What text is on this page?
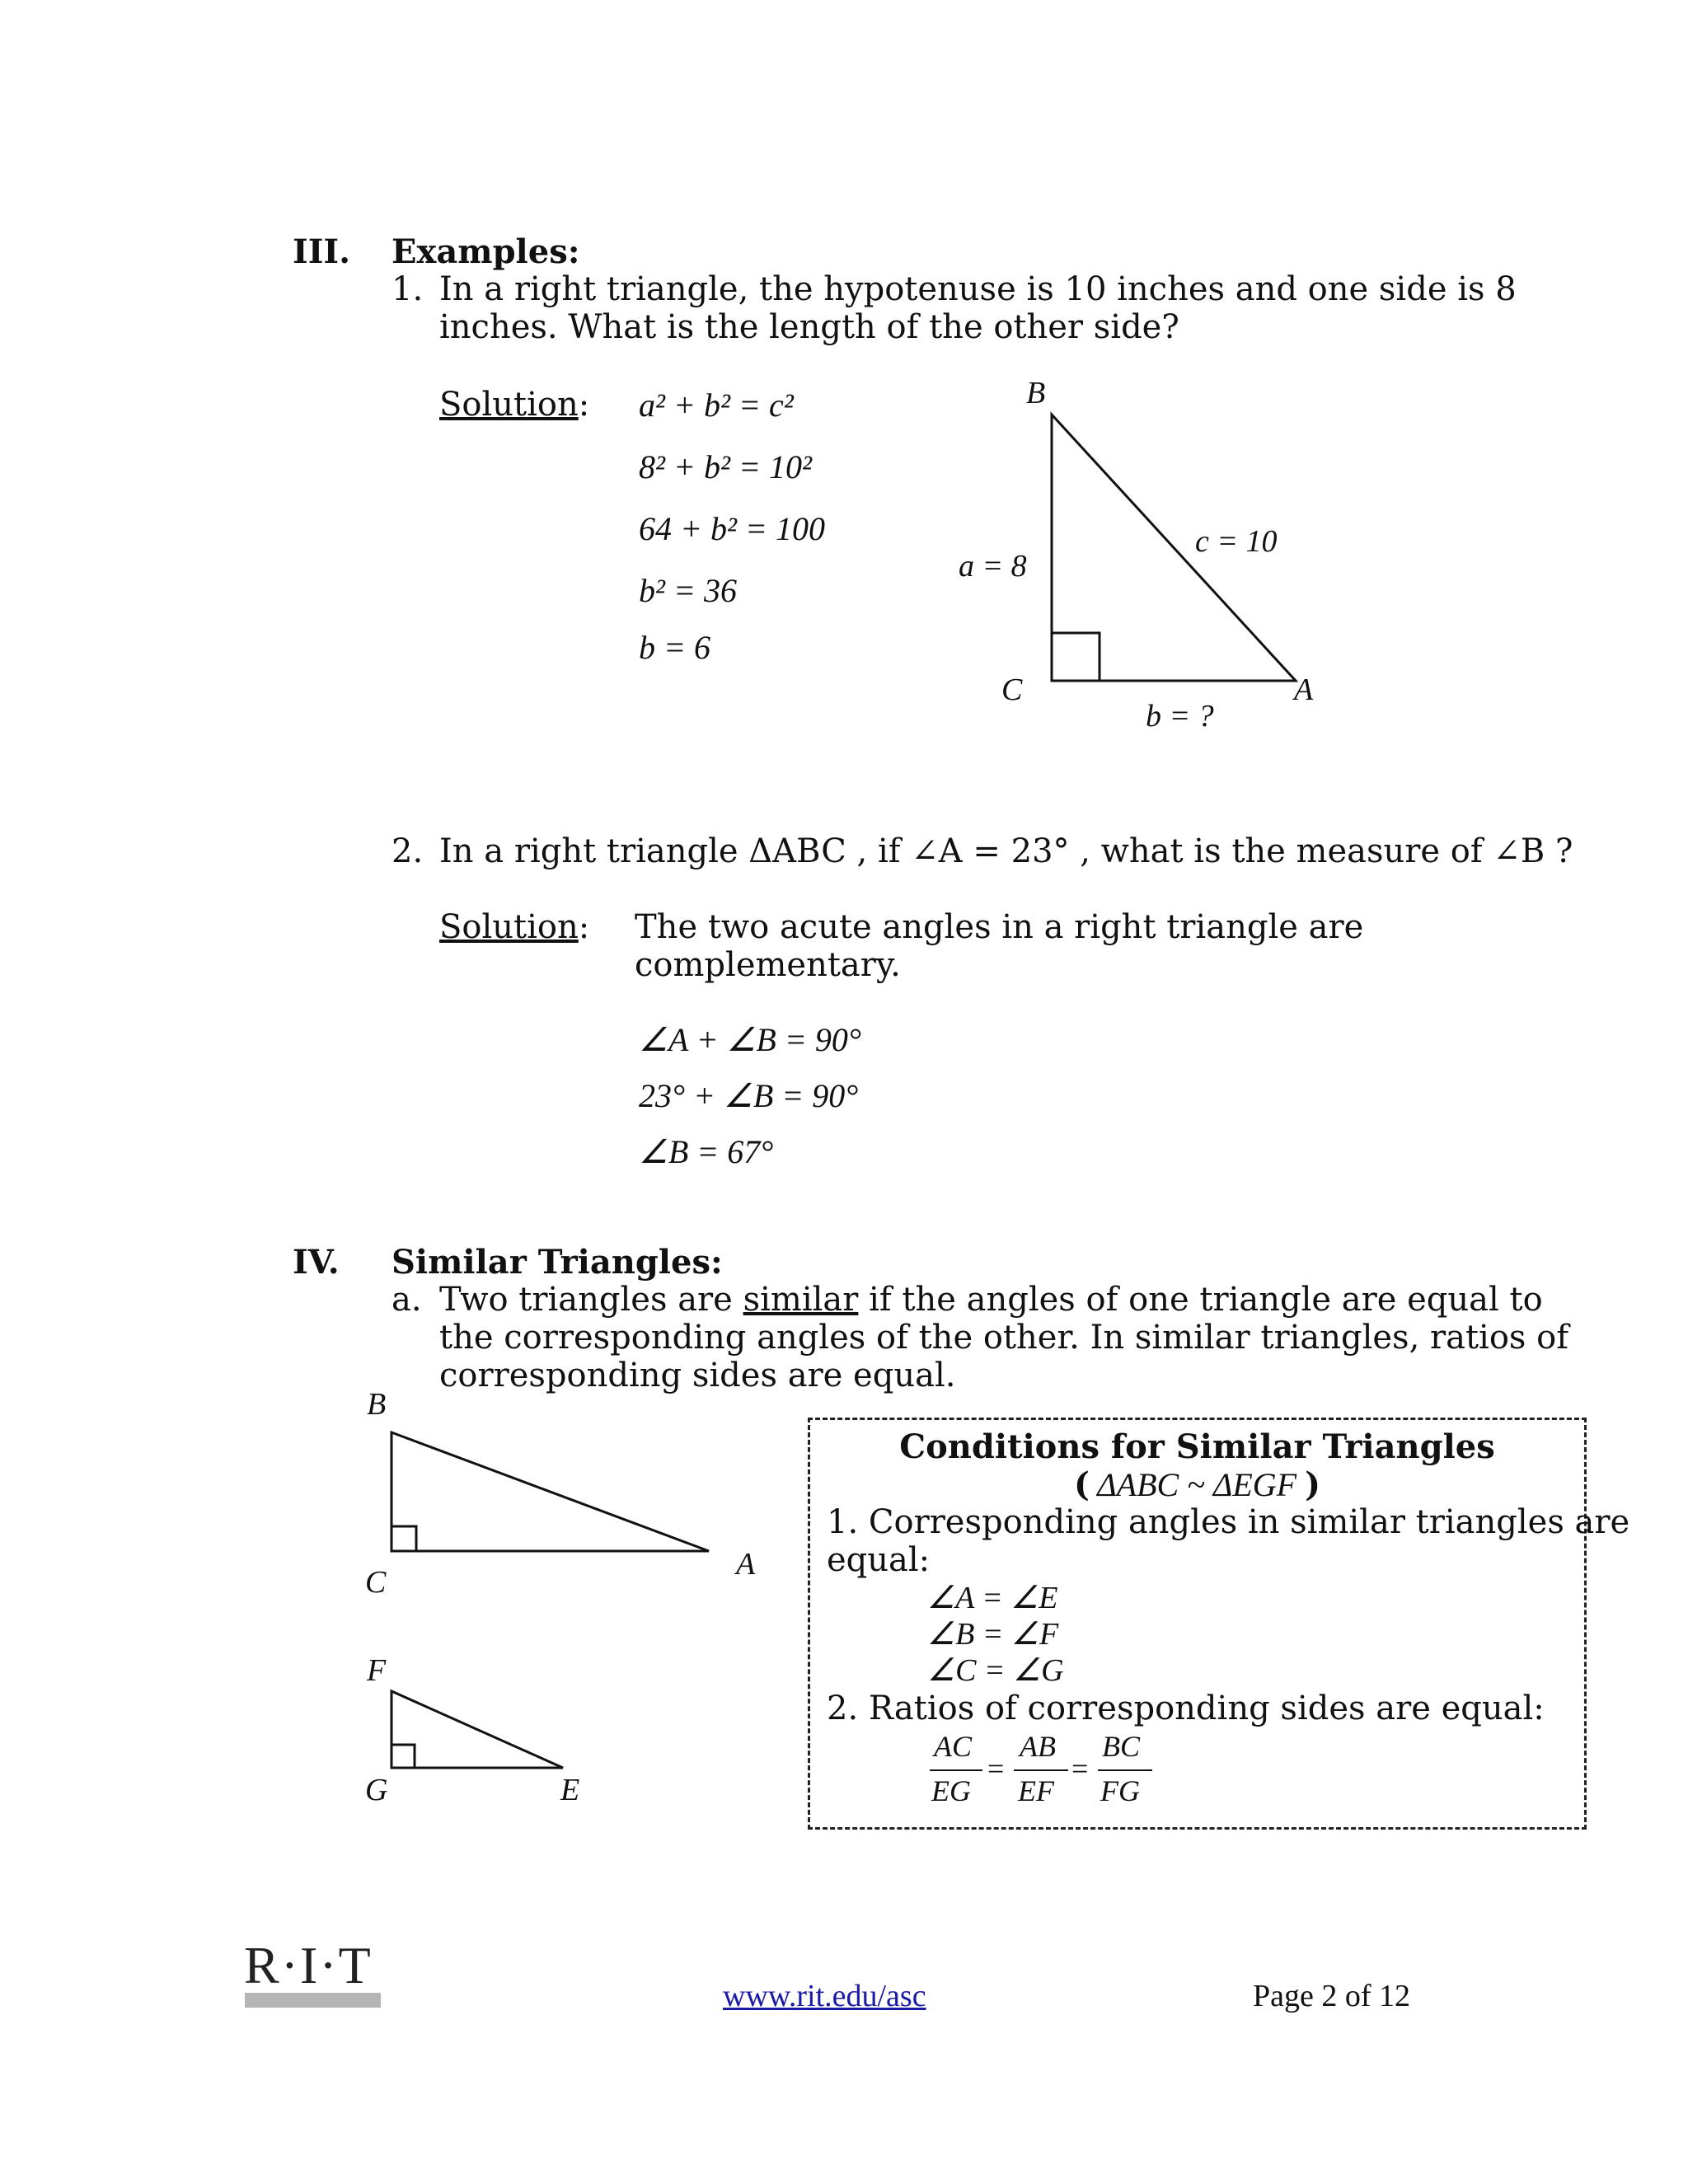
III. Examples:
1. In a right triangle, the hypotenuse is 10 inches and one side is 8
inches. What is the length of the other side?
Solution: a² + b² = c²
8² + b² = 10²
64 + b² = 100
b² = 36
b = 6
B
C	A
a = 8
c = 10
b = ?
2. In a right triangle ΔABC , if ∠A = 23° , what is the measure of ∠B ?
Solution: The two acute angles in a right triangle are
complementary.
∠A + ∠B = 90°
23° + ∠B = 90°
∠B = 67°
IV. Similar Triangles:
a. Two triangles are similar if the angles of one triangle are equal to
the corresponding angles of the other. In similar triangles, ratios of
corresponding sides are equal.
B
C
A
F
G	E
Conditions for Similar Triangles
( ΔABC ~ ΔEGF )
1. Corresponding angles in similar triangles are
equal:
∠A = ∠E
∠B = ∠F
∠C = ∠G
2. Ratios of corresponding sides are equal:
AC
EG
=
AB
EF
=
BC
FG
R·I·T
www.rit.edu/asc	Page 2 of 12
